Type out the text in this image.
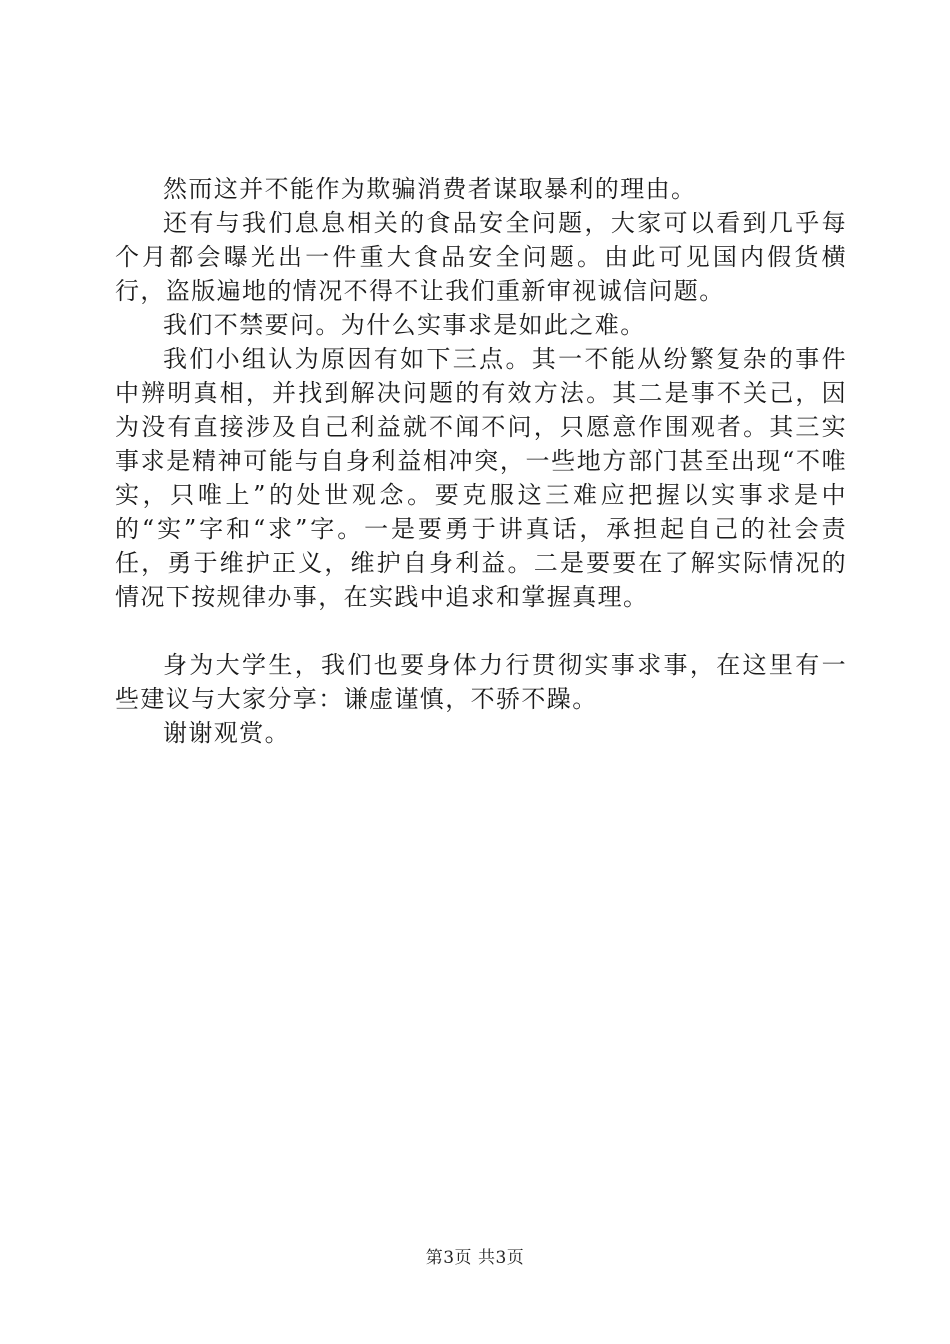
然而这并不能作为欺骗消费者谋取暴利的理由。

还有与我们息息相关的食品安全问题，大家可以看到几乎每个月都会曝光出一件重大食品安全问题。由此可见国内假货横行，盗版遍地的情况不得不让我们重新审视诚信问题。

我们不禁要问。为什么实事求是如此之难。

我们小组认为原因有如下三点。其一不能从纷繁复杂的事件中辨明真相，并找到解决问题的有效方法。其二是事不关己，因为没有直接涉及自己利益就不闻不问，只愿意作围观者。其三实事求是精神可能与自身利益相冲突，一些地方部门甚至出现“不唯实，只唯上”的处世观念。要克服这三难应把握以实事求是中的“实”字和“求”字。一是要勇于讲真话，承担起自己的社会责任，勇于维护正义，维护自身利益。二是要要在了解实际情况的情况下按规律办事，在实践中追求和掌握真理。

身为大学生，我们也要身体力行贯彻实事求事，在这里有一些建议与大家分享：谦虚谨慎，不骄不躁。

谢谢观赏。

第3页 共3页
